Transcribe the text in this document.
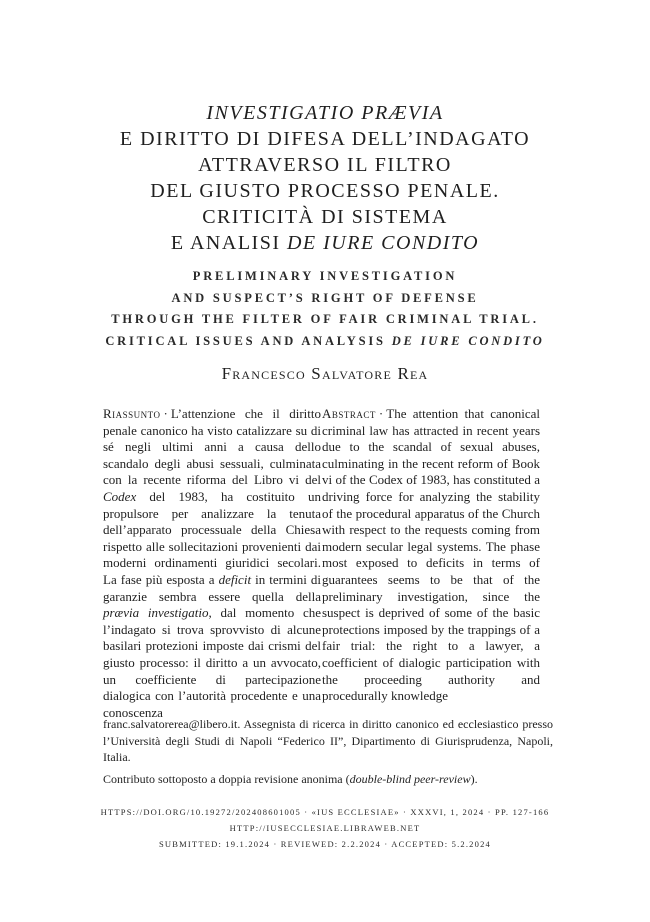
INVESTIGATIO PRÆVIA
E DIRITTO DI DIFESA DELL’INDAGATO
ATTRAVERSO IL FILTRO
DEL GIUSTO PROCESSO PENALE.
CRITICITÀ DI SISTEMA
E ANALISI DE IURE CONDITO
PRELIMINARY INVESTIGATION
AND SUSPECT’S RIGHT OF DEFENSE
THROUGH THE FILTER OF FAIR CRIMINAL TRIAL.
CRITICAL ISSUES AND ANALYSIS DE IURE CONDITO
Francesco Salvatore Rea
Riassunto · L’attenzione che il diritto penale canonico ha visto catalizzare su di sé negli ultimi anni a causa dello scandalo degli abusi sessuali, culminata con la recente riforma del Libro vi del Codex del 1983, ha costituito un propulsore per analizzare la tenuta dell’apparato processuale della Chiesa rispetto alle sollecitazioni provenienti dai moderni ordinamenti giuridici secolari. La fase più esposta a deficit in termini di garanzie sembra essere quella della prævia investigatio, dal momento che l’indagato si trova sprovvisto di alcune basilari protezioni imposte dai crismi del giusto processo: il diritto a un avvocato, un coefficiente di partecipazione dialogica con l’autorità procedente e una conoscenza
Abstract · The attention that canonical criminal law has attracted in recent years due to the scandal of sexual abuses, culminating in the recent reform of Book vi of the Codex of 1983, has constituted a driving force for analyzing the stability of the procedural apparatus of the Church with respect to the requests coming from modern secular legal systems. The phase most exposed to deficits in terms of guarantees seems to be that of the preliminary investigation, since the suspect is deprived of some of the basic protections imposed by the trappings of a fair trial: the right to a lawyer, a coefficient of dialogic participation with the proceeding authority and procedurally knowledge
franc.salvatorerea@libero.it. Assegnista di ricerca in diritto canonico ed ecclesiastico presso l’Università degli Studi di Napoli “Federico II”, Dipartimento di Giurisprudenza, Napoli, Italia.
Contributo sottoposto a doppia revisione anonima (double-blind peer-review).
HTTPS://DOI.ORG/10.19272/202408601005 · «IUS ECCLESIAE» · XXXVI, 1, 2024 · PP. 127-166
HTTP://IUSECCLESIAE.LIBRAWEB.NET
SUBMITTED: 19.1.2024 · REVIEWED: 2.2.2024 · ACCEPTED: 5.2.2024
